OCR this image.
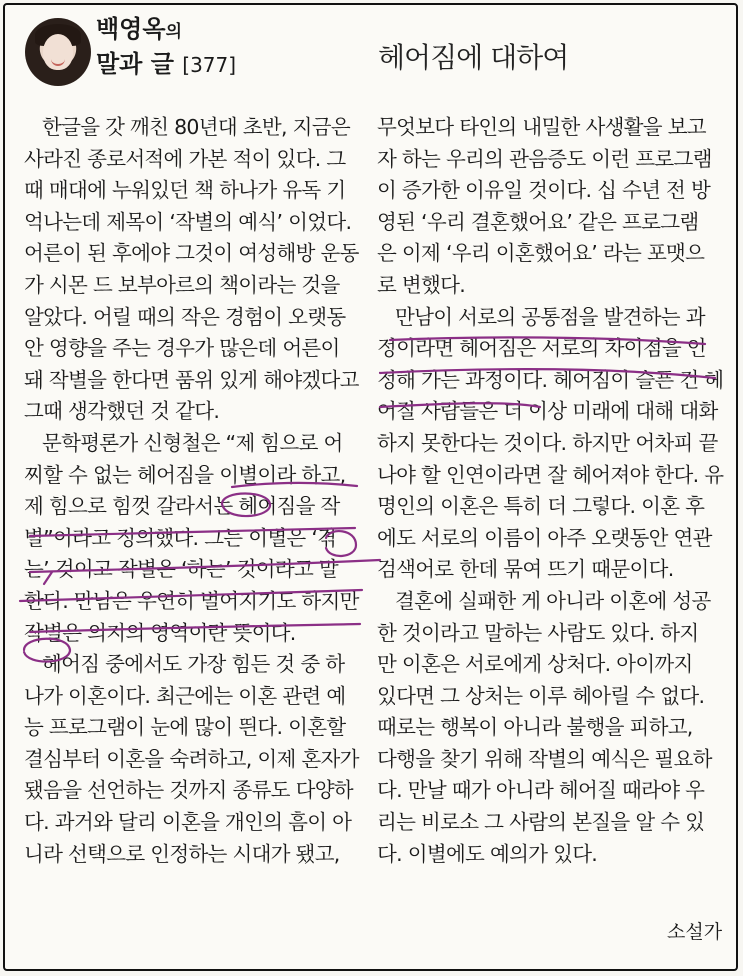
백영옥의
말과 글 [377]	헤어짐에 대하여
한글을 갓 깨친 80년대 초반, 지금은
사라진 종로서적에 가본 적이 있다. 그
때 매대에 누워있던 책 하나가 유독 기
억나는데 제목이 ‘작별의 예식’ 이었다.
어른이 된 후에야 그것이 여성해방 운동
가 시몬 드 보부아르의 책이라는 것을
알았다. 어릴 때의 작은 경험이 오랫동
안 영향을 주는 경우가 많은데 어른이
돼 작별을 한다면 품위 있게 해야겠다고
그때 생각했던 것 같다.
문학평론가 신형철은 “제 힘으로 어
찌할 수 없는 헤어짐을 이별이라 하고,
제 힘으로 힘껏 갈라서는 헤어짐을 작
별”이라고 정의했다. 그는 이별은 ‘겪
는’ 것이고 작별은 ‘하는’ 것이라고 말
한다. 만남은 우연히 벌어지기도 하지만
작별은 의지의 영역이란 뜻이다.
헤어짐 중에서도 가장 힘든 것 중 하
나가 이혼이다. 최근에는 이혼 관련 예
능 프로그램이 눈에 많이 띈다. 이혼할
결심부터 이혼을 숙려하고, 이제 혼자가
됐음을 선언하는 것까지 종류도 다양하
다. 과거와 달리 이혼을 개인의 흠이 아
니라 선택으로 인정하는 시대가 됐고,
무엇보다 타인의 내밀한 사생활을 보고
자 하는 우리의 관음증도 이런 프로그램
이 증가한 이유일 것이다. 십 수년 전 방
영된 ‘우리 결혼했어요’ 같은 프로그램
은 이제 ‘우리 이혼했어요’ 라는 포맷으
로 변했다.
만남이 서로의 공통점을 발견하는 과
정이라면 헤어짐은 서로의 차이점을 인
정해 가는 과정이다. 헤어짐이 슬픈 건 헤
어질 사람들은 더 이상 미래에 대해 대화
하지 못한다는 것이다. 하지만 어차피 끝
나야 할 인연이라면 잘 헤어져야 한다. 유
명인의 이혼은 특히 더 그렇다. 이혼 후
에도 서로의 이름이 아주 오랫동안 연관
검색어로 한데 묶여 뜨기 때문이다.
결혼에 실패한 게 아니라 이혼에 성공
한 것이라고 말하는 사람도 있다. 하지
만 이혼은 서로에게 상처다. 아이까지
있다면 그 상처는 이루 헤아릴 수 없다.
때로는 행복이 아니라 불행을 피하고,
다행을 찾기 위해 작별의 예식은 필요하
다. 만날 때가 아니라 헤어질 때라야 우
리는 비로소 그 사람의 본질을 알 수 있
다. 이별에도 예의가 있다.
소설가
